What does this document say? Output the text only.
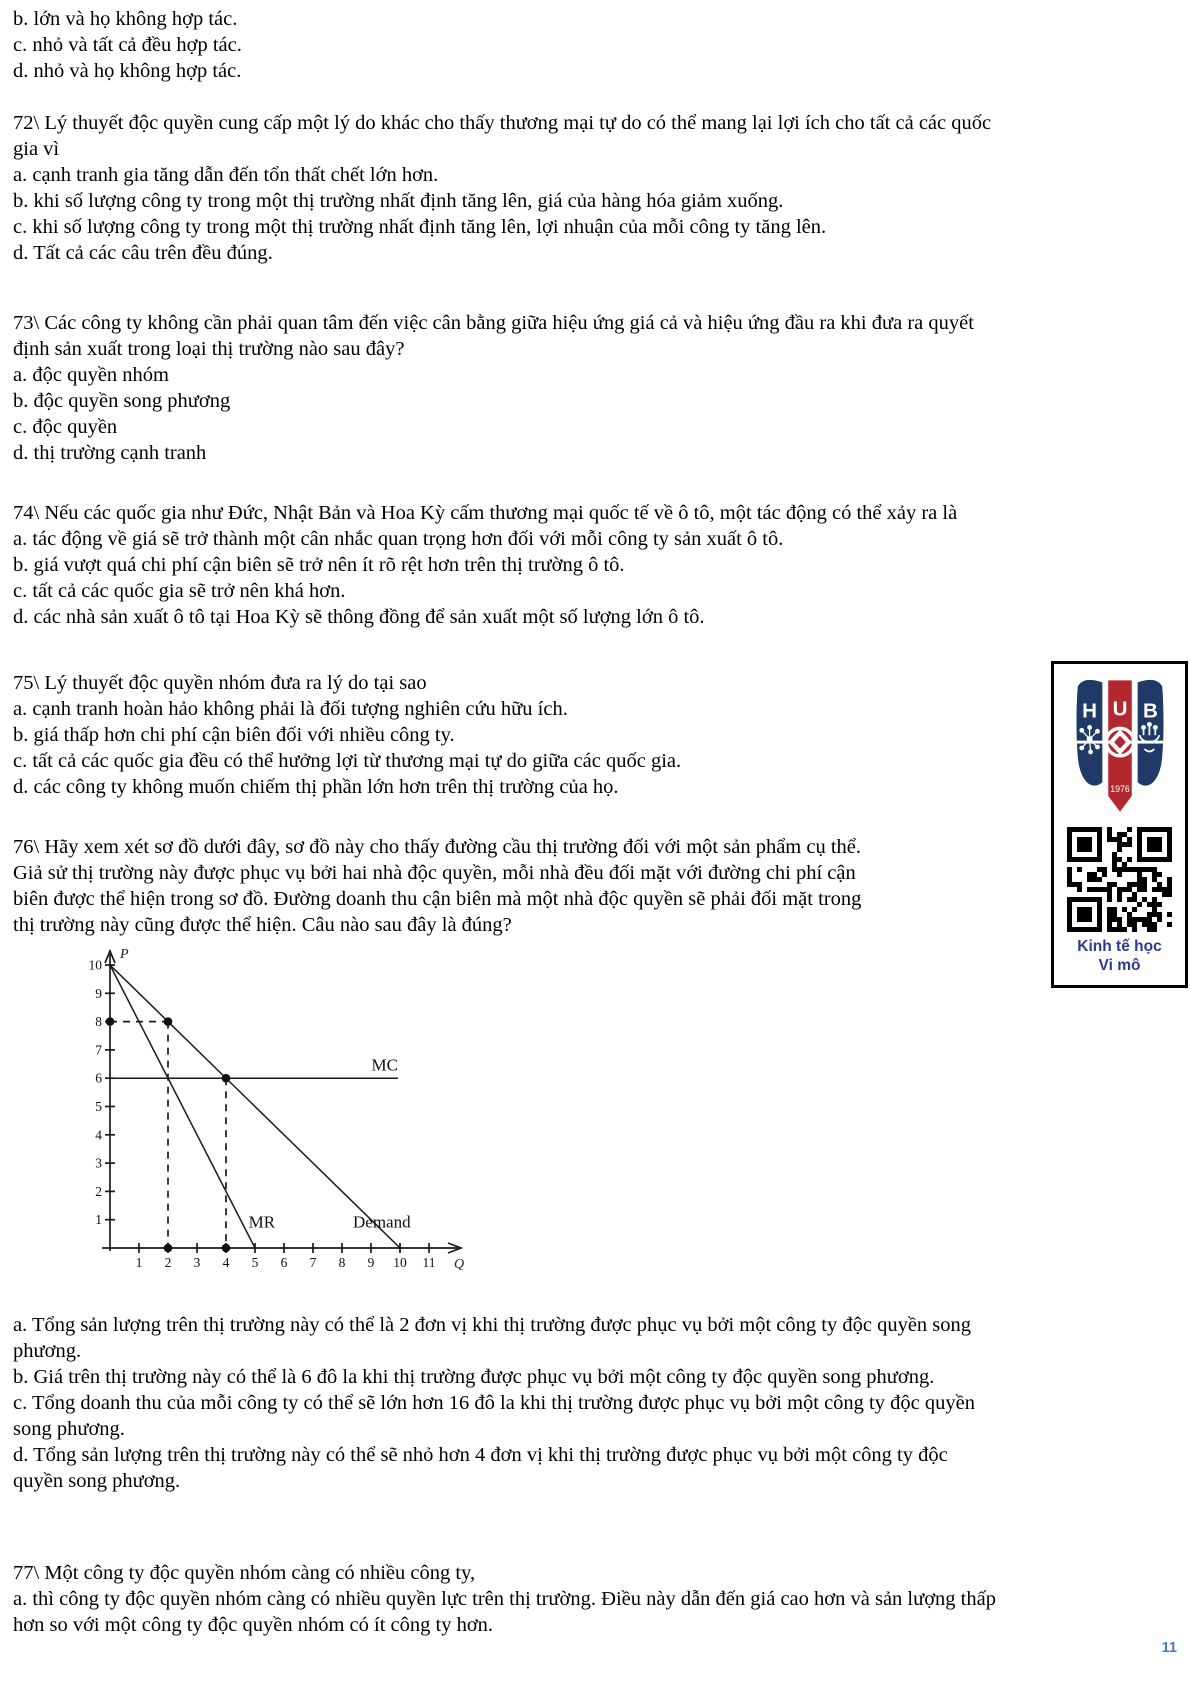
b. lớn và họ không hợp tác.
c. nhỏ và tất cả đều hợp tác.
d. nhỏ và họ không hợp tác.
72\ Lý thuyết độc quyền cung cấp một lý do khác cho thấy thương mại tự do có thể mang lại lợi ích cho tất cả các quốc
gia vì
a. cạnh tranh gia tăng dẫn đến tổn thất chết lớn hơn.
b. khi số lượng công ty trong một thị trường nhất định tăng lên, giá của hàng hóa giảm xuống.
c. khi số lượng công ty trong một thị trường nhất định tăng lên, lợi nhuận của mỗi công ty tăng lên.
d. Tất cả các câu trên đều đúng.
73\ Các công ty không cần phải quan tâm đến việc cân bằng giữa hiệu ứng giá cả và hiệu ứng đầu ra khi đưa ra quyết
định sản xuất trong loại thị trường nào sau đây?
a. độc quyền nhóm
b. độc quyền song phương
c. độc quyền
d. thị trường cạnh tranh
74\ Nếu các quốc gia như Đức, Nhật Bản và Hoa Kỳ cấm thương mại quốc tế về ô tô, một tác động có thể xảy ra là
a. tác động về giá sẽ trở thành một cân nhắc quan trọng hơn đối với mỗi công ty sản xuất ô tô.
b. giá vượt quá chi phí cận biên sẽ trở nên ít rõ rệt hơn trên thị trường ô tô.
c. tất cả các quốc gia sẽ trở nên khá hơn.
d. các nhà sản xuất ô tô tại Hoa Kỳ sẽ thông đồng để sản xuất một số lượng lớn ô tô.
75\ Lý thuyết độc quyền nhóm đưa ra lý do tại sao
a. cạnh tranh hoàn hảo không phải là đối tượng nghiên cứu hữu ích.
b. giá thấp hơn chi phí cận biên đối với nhiều công ty.
c. tất cả các quốc gia đều có thể hưởng lợi từ thương mại tự do giữa các quốc gia.
d. các công ty không muốn chiếm thị phần lớn hơn trên thị trường của họ.
76\ Hãy xem xét sơ đồ dưới đây, sơ đồ này cho thấy đường cầu thị trường đối với một sản phẩm cụ thể.
Giả sử thị trường này được phục vụ bởi hai nhà độc quyền, mỗi nhà đều đối mặt với đường chi phí cận
biên được thể hiện trong sơ đồ. Đường doanh thu cận biên mà một nhà độc quyền sẽ phải đối mặt trong
thị trường này cũng được thể hiện. Câu nào sau đây là đúng?
1 2 3 4 5 6 7 8 9 10 11
1
2
3
4
5
6
7
8
9
10
P
Q
MC
MR	Demand
a. Tổng sản lượng trên thị trường này có thể là 2 đơn vị khi thị trường được phục vụ bởi một công ty độc quyền song
phương.
b. Giá trên thị trường này có thể là 6 đô la khi thị trường được phục vụ bởi một công ty độc quyền song phương.
c. Tổng doanh thu của mỗi công ty có thể sẽ lớn hơn 16 đô la khi thị trường được phục vụ bởi một công ty độc quyền
song phương.
d. Tổng sản lượng trên thị trường này có thể sẽ nhỏ hơn 4 đơn vị khi thị trường được phục vụ bởi một công ty độc
quyền song phương.
77\ Một công ty độc quyền nhóm càng có nhiều công ty,
a. thì công ty độc quyền nhóm càng có nhiều quyền lực trên thị trường. Điều này dẫn đến giá cao hơn và sản lượng thấp
hơn so với một công ty độc quyền nhóm có ít công ty hơn.
H U B
1976
Kinh tế học
Vi mô
11
